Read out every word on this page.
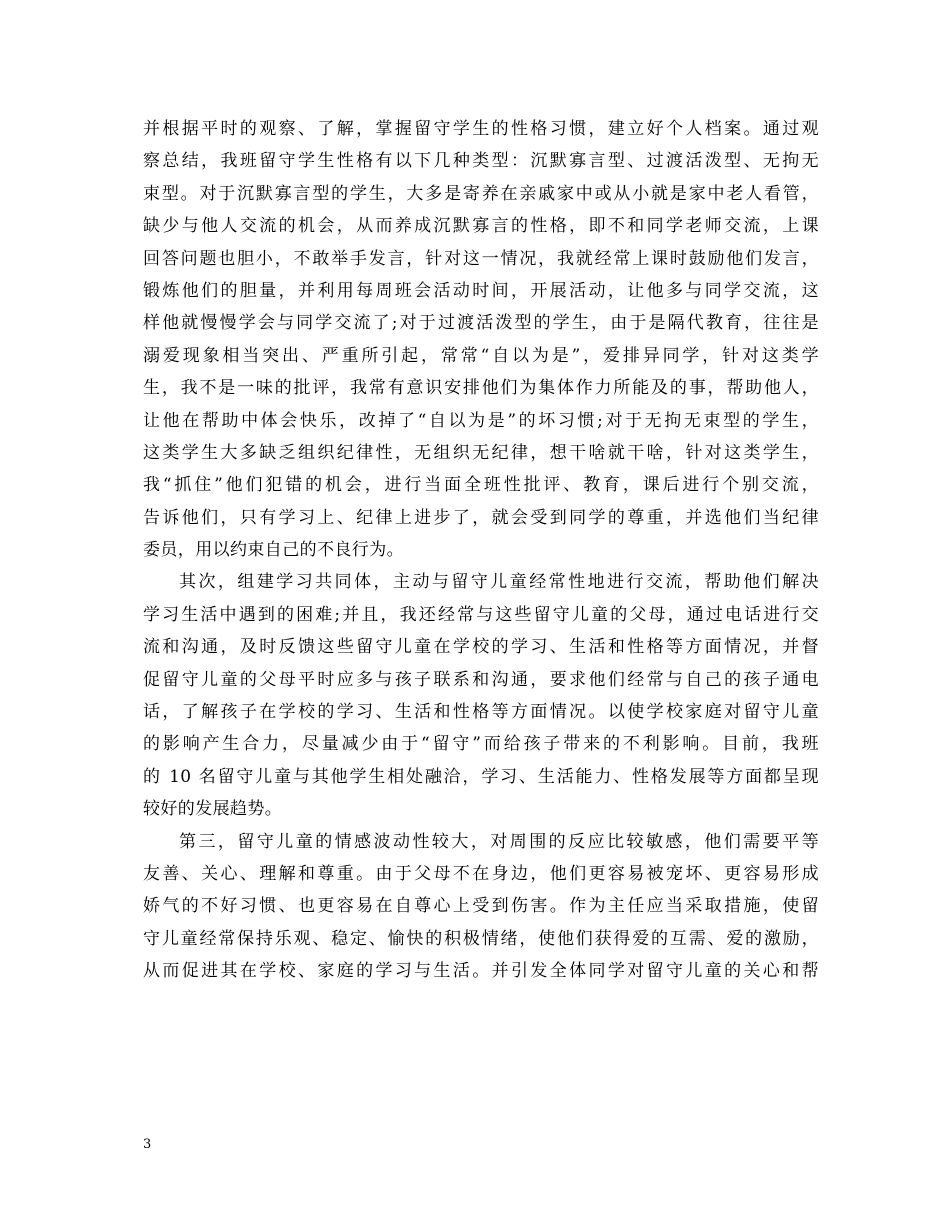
并根据平时的观察、了解，掌握留守学生的性格习惯，建立好个人档案。通过观
察总结，我班留守学生性格有以下几种类型：沉默寡言型、过渡活泼型、无拘无
束型。对于沉默寡言型的学生，大多是寄养在亲戚家中或从小就是家中老人看管，
缺少与他人交流的机会，从而养成沉默寡言的性格，即不和同学老师交流，上课
回答问题也胆小，不敢举手发言，针对这一情况，我就经常上课时鼓励他们发言，
锻炼他们的胆量，并利用每周班会活动时间，开展活动，让他多与同学交流，这
样他就慢慢学会与同学交流了;对于过渡活泼型的学生，由于是隔代教育，往往是
溺爱现象相当突出、严重所引起，常常“自以为是”，爱排异同学，针对这类学
生，我不是一味的批评，我常有意识安排他们为集体作力所能及的事，帮助他人，
让他在帮助中体会快乐，改掉了“自以为是”的坏习惯;对于无拘无束型的学生，
这类学生大多缺乏组织纪律性，无组织无纪律，想干啥就干啥，针对这类学生，
我“抓住”他们犯错的机会，进行当面全班性批评、教育，课后进行个别交流，
告诉他们，只有学习上、纪律上进步了，就会受到同学的尊重，并选他们当纪律
委员，用以约束自己的不良行为。
其次，组建学习共同体，主动与留守儿童经常性地进行交流，帮助他们解决
学习生活中遇到的困难;并且，我还经常与这些留守儿童的父母，通过电话进行交
流和沟通，及时反馈这些留守儿童在学校的学习、生活和性格等方面情况，并督
促留守儿童的父母平时应多与孩子联系和沟通，要求他们经常与自己的孩子通电
话，了解孩子在学校的学习、生活和性格等方面情况。以使学校家庭对留守儿童
的影响产生合力，尽量减少由于“留守”而给孩子带来的不利影响。目前，我班
的 10 名留守儿童与其他学生相处融洽，学习、生活能力、性格发展等方面都呈现
较好的发展趋势。
第三，留守儿童的情感波动性较大，对周围的反应比较敏感，他们需要平等
友善、关心、理解和尊重。由于父母不在身边，他们更容易被宠坏、更容易形成
娇气的不好习惯、也更容易在自尊心上受到伤害。作为主任应当采取措施，使留
守儿童经常保持乐观、稳定、愉快的积极情绪，使他们获得爱的互需、爱的激励，
从而促进其在学校、家庭的学习与生活。并引发全体同学对留守儿童的关心和帮
3
